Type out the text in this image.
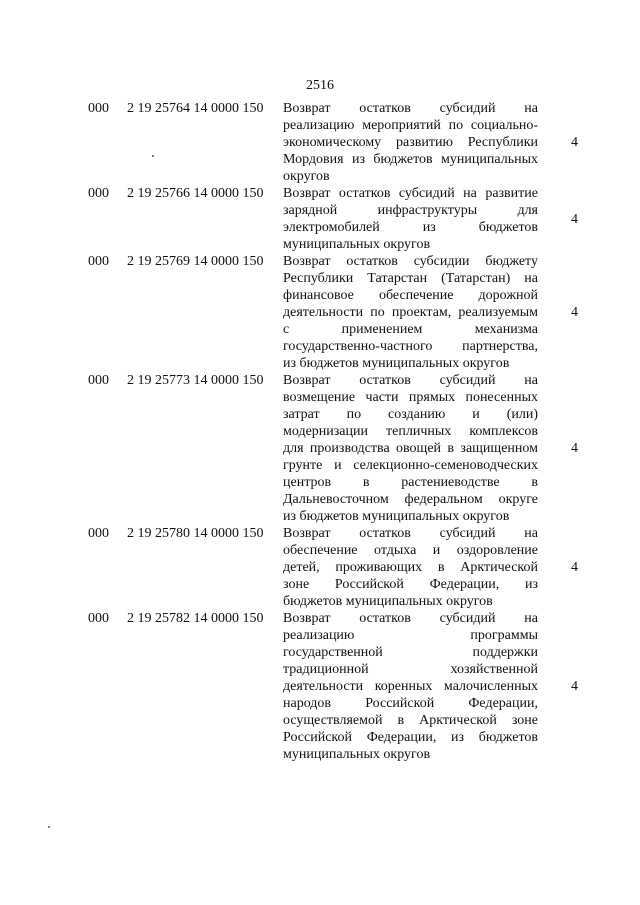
2516
000 2 19 25764 14 0000 150 Возврат остатков субсидий на
реализацию мероприятий по социально-
экономическому развитию Республики
Мордовия из бюджетов муниципальных
округов
4
000 2 19 25766 14 0000 150 Возврат остатков субсидий на развитие
зарядной инфраструктуры для
электромобилей из бюджетов
муниципальных округов
4
000 2 19 25769 14 0000 150 Возврат остатков субсидии бюджету
Республики Татарстан (Татарстан) на
финансовое обеспечение дорожной
деятельности по проектам, реализуемым
с применением механизма
государственно-частного партнерства,
из бюджетов муниципальных округов
4
000 2 19 25773 14 0000 150 Возврат остатков субсидий на
возмещение части прямых понесенных
затрат по созданию и (или)
модернизации тепличных комплексов
для производства овощей в защищенном
грунте и селекционно-семеноводческих
центров в растениеводстве в
Дальневосточном федеральном округе
из бюджетов муниципальных округов
4
000 2 19 25780 14 0000 150 Возврат остатков субсидий на
обеспечение отдыха и оздоровление
детей, проживающих в Арктической
зоне Российской Федерации, из
бюджетов муниципальных округов
4
000 2 19 25782 14 0000 150 Возврат остатков субсидий на
реализацию программы
государственной поддержки
традиционной хозяйственной
деятельности коренных малочисленных
народов Российской Федерации,
осуществляемой в Арктической зоне
Российской Федерации, из бюджетов
муниципальных округов
4
